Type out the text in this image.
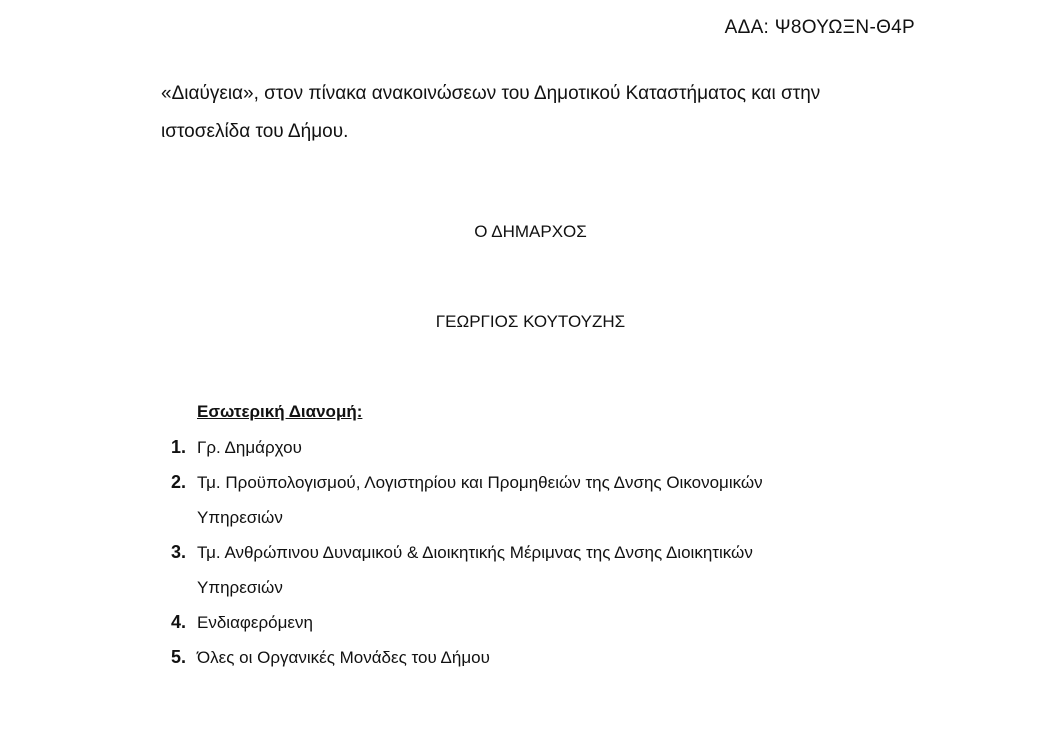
ΑΔΑ: Ψ8ΟΥΩΞΝ-Θ4Ρ
«Διαύγεια», στον πίνακα ανακοινώσεων του Δημοτικού Καταστήματος και στην
ιστοσελίδα του Δήμου.
Ο ΔΗΜΑΡΧΟΣ
ΓΕΩΡΓΙΟΣ ΚΟΥΤΟΥΖΗΣ
Εσωτερική Διανομή:
1. Γρ. Δημάρχου
2. Τμ. Προϋπολογισμού, Λογιστηρίου και Προμηθειών της Δνσης Οικονομικών
Υπηρεσιών
3. Τμ. Ανθρώπινου Δυναμικού & Διοικητικής Μέριμνας της Δνσης Διοικητικών
Υπηρεσιών
4. Ενδιαφερόμενη
5. Όλες οι Οργανικές Μονάδες του Δήμου
